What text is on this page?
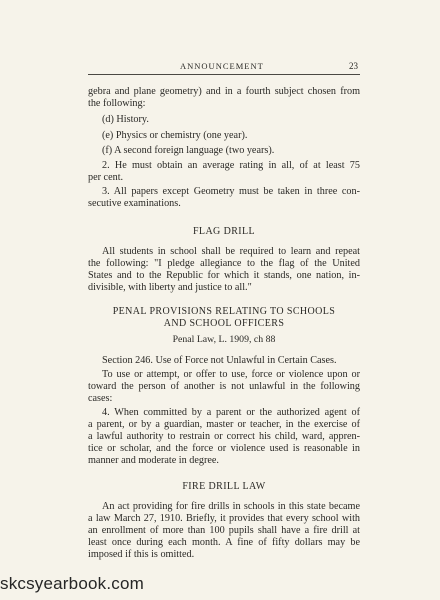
ANNOUNCEMENT	23
gebra and plane geometry) and in a fourth subject chosen from
the following:
(d) History.
(e) Physics or chemistry (one year).
(f) A second foreign language (two years).
2. He must obtain an average rating in all, of at least 75
per cent.
3. All papers except Geometry must be taken in three con-
secutive examinations.
FLAG DRILL
All students in school shall be required to learn and repeat
the following: "I pledge allegiance to the flag of the United
States and to the Republic for which it stands, one nation, in-
divisible, with liberty and justice to all."
PENAL PROVISIONS RELATING TO SCHOOLS
AND SCHOOL OFFICERS
Penal Law, L. 1909, ch 88
Section 246. Use of Force not Unlawful in Certain Cases.
To use or attempt, or offer to use, force or violence upon or
toward the person of another is not unlawful in the following
cases:
4. When committed by a parent or the authorized agent of
a parent, or by a guardian, master or teacher, in the exercise of
a lawful authority to restrain or correct his child, ward, appren-
tice or scholar, and the force or violence used is reasonable in
manner and moderate in degree.
FIRE DRILL LAW
An act providing for fire drills in schools in this state became
a law March 27, 1910. Briefly, it provides that every school with
an enrollment of more than 100 pupils shall have a fire drill at
least once during each month. A fine of fifty dollars may be
imposed if this is omitted.
skcsyearbook.com
